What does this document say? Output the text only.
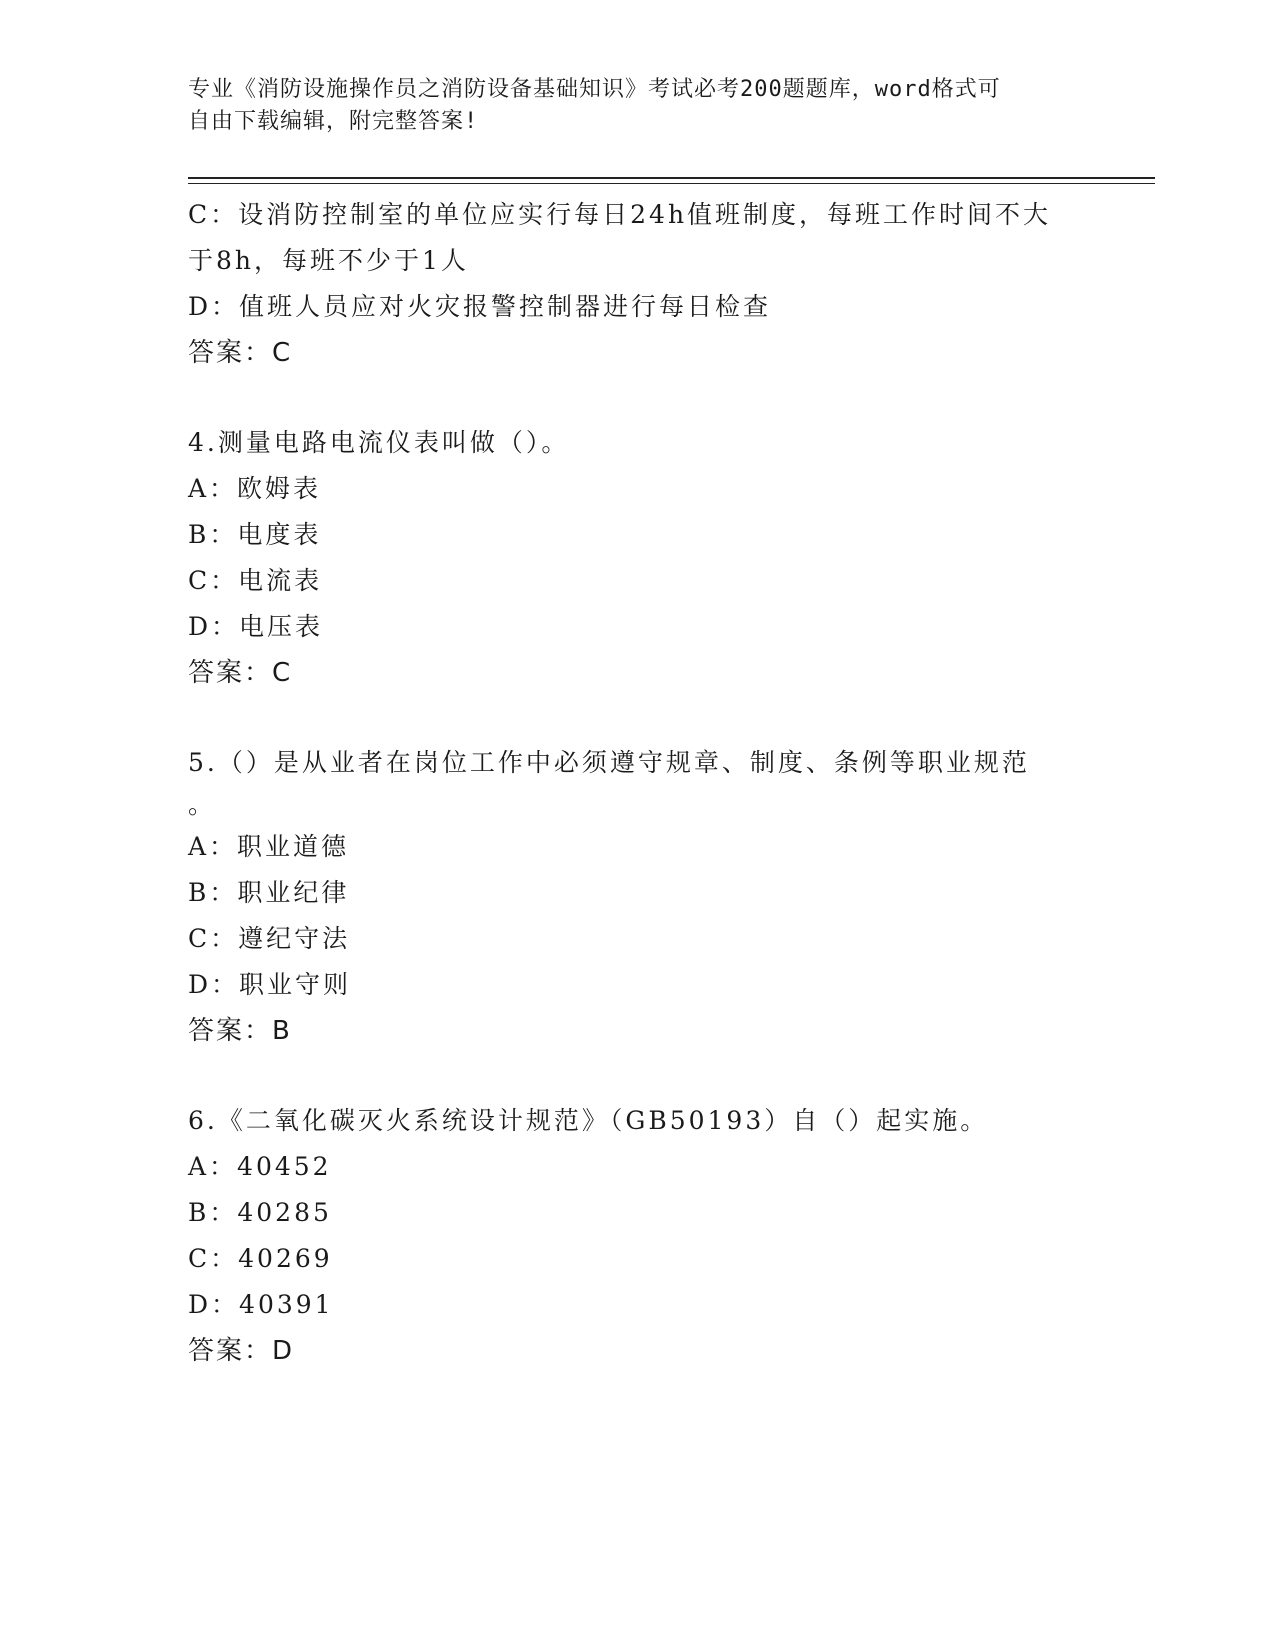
专业《消防设施操作员之消防设备基础知识》考试必考200题题库，word格式可
自由下载编辑，附完整答案!
C：设消防控制室的单位应实行每日24h值班制度，每班工作时间不大
于8h，每班不少于1人
D：值班人员应对火灾报警控制器进行每日检查
答案：C
4.测量电路电流仪表叫做（）。
A：欧姆表
B：电度表
C：电流表
D：电压表
答案：C
5.（）是从业者在岗位工作中必须遵守规章、制度、条例等职业规范
。
A：职业道德
B：职业纪律
C：遵纪守法
D：职业守则
答案：B
6.《二氧化碳灭火系统设计规范》（GB50193）自（）起实施。
A：40452
B：40285
C：40269
D：40391
答案：D
